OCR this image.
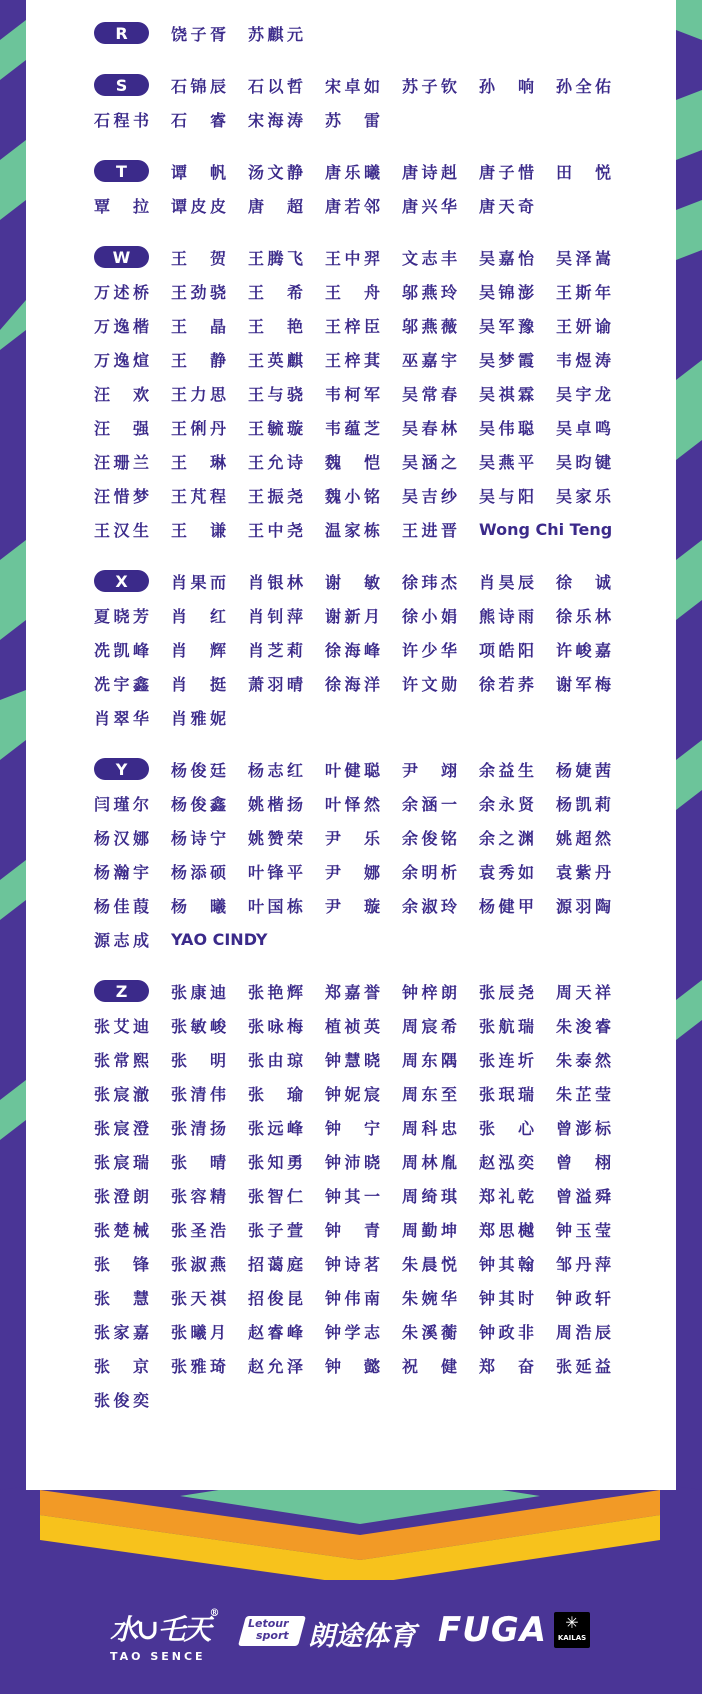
R	饶子胥	苏麒元
S	石锦辰	石以哲	宋卓如	苏子钦	孙 响	孙全佑
石程书	石 睿	宋海涛	苏 雷
T	谭 帆	汤文静	唐乐曦	唐诗赳	唐子惜	田 悦
覃 拉	谭皮皮	唐 超	唐若邻	唐兴华	唐天奇
W	王 贺	王腾飞	王中羿	文志丰	吴嘉怡	吴泽嵩
万述桥	王劲骁	王 希	王 舟	邬燕玲	吴锦澎	王斯年
万逸楷	王 晶	王 艳	王梓臣	邬燕薇	吴军豫	王妍谕
万逸煊	王 静	王英麒	王梓萁	巫嘉宇	吴梦霞	韦煜涛
汪 欢	王力思	王与骁	韦柯军	吴常春	吴祺霖	吴宇龙
汪 强	王俐丹	王毓璇	韦蕴芝	吴春林	吴伟聪	吴卓鸣
汪珊兰	王 琳	王允诗	魏 恺	吴涵之	吴燕平	吴昀键
汪惜梦	王芃程	王振尧	魏小铭	吴吉纱	吴与阳	吴家乐
王汉生	王 谦	王中尧	温家栋	王进晋	Wong Chi Teng
X	肖果而	肖银林	谢 敏	徐玮杰	肖昊辰	徐 诚
夏晓芳	肖 红	肖钊萍	谢新月	徐小娟	熊诗雨	徐乐林
冼凯峰	肖 辉	肖芝莉	徐海峰	许少华	项皓阳	许峻嘉
冼宇鑫	肖 挺	萧羽晴	徐海洋	许文勋	徐若荞	谢军梅
肖翠华	肖雅妮
Y	杨俊廷	杨志红	叶健聪	尹 翊	余益生	杨婕茜
闫瑾尔	杨俊鑫	姚楷扬	叶怿然	余涵一	余永贤	杨凯莉
杨汉娜	杨诗宁	姚赞荣	尹 乐	余俊铭	余之渊	姚超然
杨瀚宇	杨添硕	叶锋平	尹 娜	余明析	袁秀如	袁紫丹
杨佳葭	杨 曦	叶国栋	尹 璇	余淑玲	杨健甲	源羽陶
源志成	YAO CINDY
Z	张康迪	张艳辉	郑嘉誉	钟梓朗	张辰尧	周天祥
张艾迪	张敏峻	张咏梅	植祯英	周宸希	张航瑞	朱浚睿
张常熙	张 明	张由琼	钟慧晓	周东隅	张连圻	朱泰然
张宸澈	张清伟	张 瑜	钟妮宸	周东至	张珉瑞	朱芷莹
张宸澄	张清扬	张远峰	钟 宁	周科忠	张 心	曾澎标
张宸瑞	张 晴	张知勇	钟沛晓	周林胤	赵泓奕	曾 栩
张澄朗	张容精	张智仁	钟其一	周绮琪	郑礼乾	曾溢舜
张楚械	张圣浩	张子萱	钟 青	周勤坤	郑思樾	钟玉莹
张 锋	张淑燕	招蔼庭	钟诗茗	朱晨悦	钟其翰	邹丹萍
张 慧	张天祺	招俊昆	钟伟南	朱婉华	钟其时	钟政轩
张家嘉	张曦月	赵睿峰	钟学志	朱溪蘅	钟政非	周浩辰
张 京	张雅琦	赵允泽	钟 懿	祝 健	郑 奋	张延益
张俊奕
水∪乇天®
TAO SENCE
Letour
sport 朗途体育 FUGA	✳
KAILAS
